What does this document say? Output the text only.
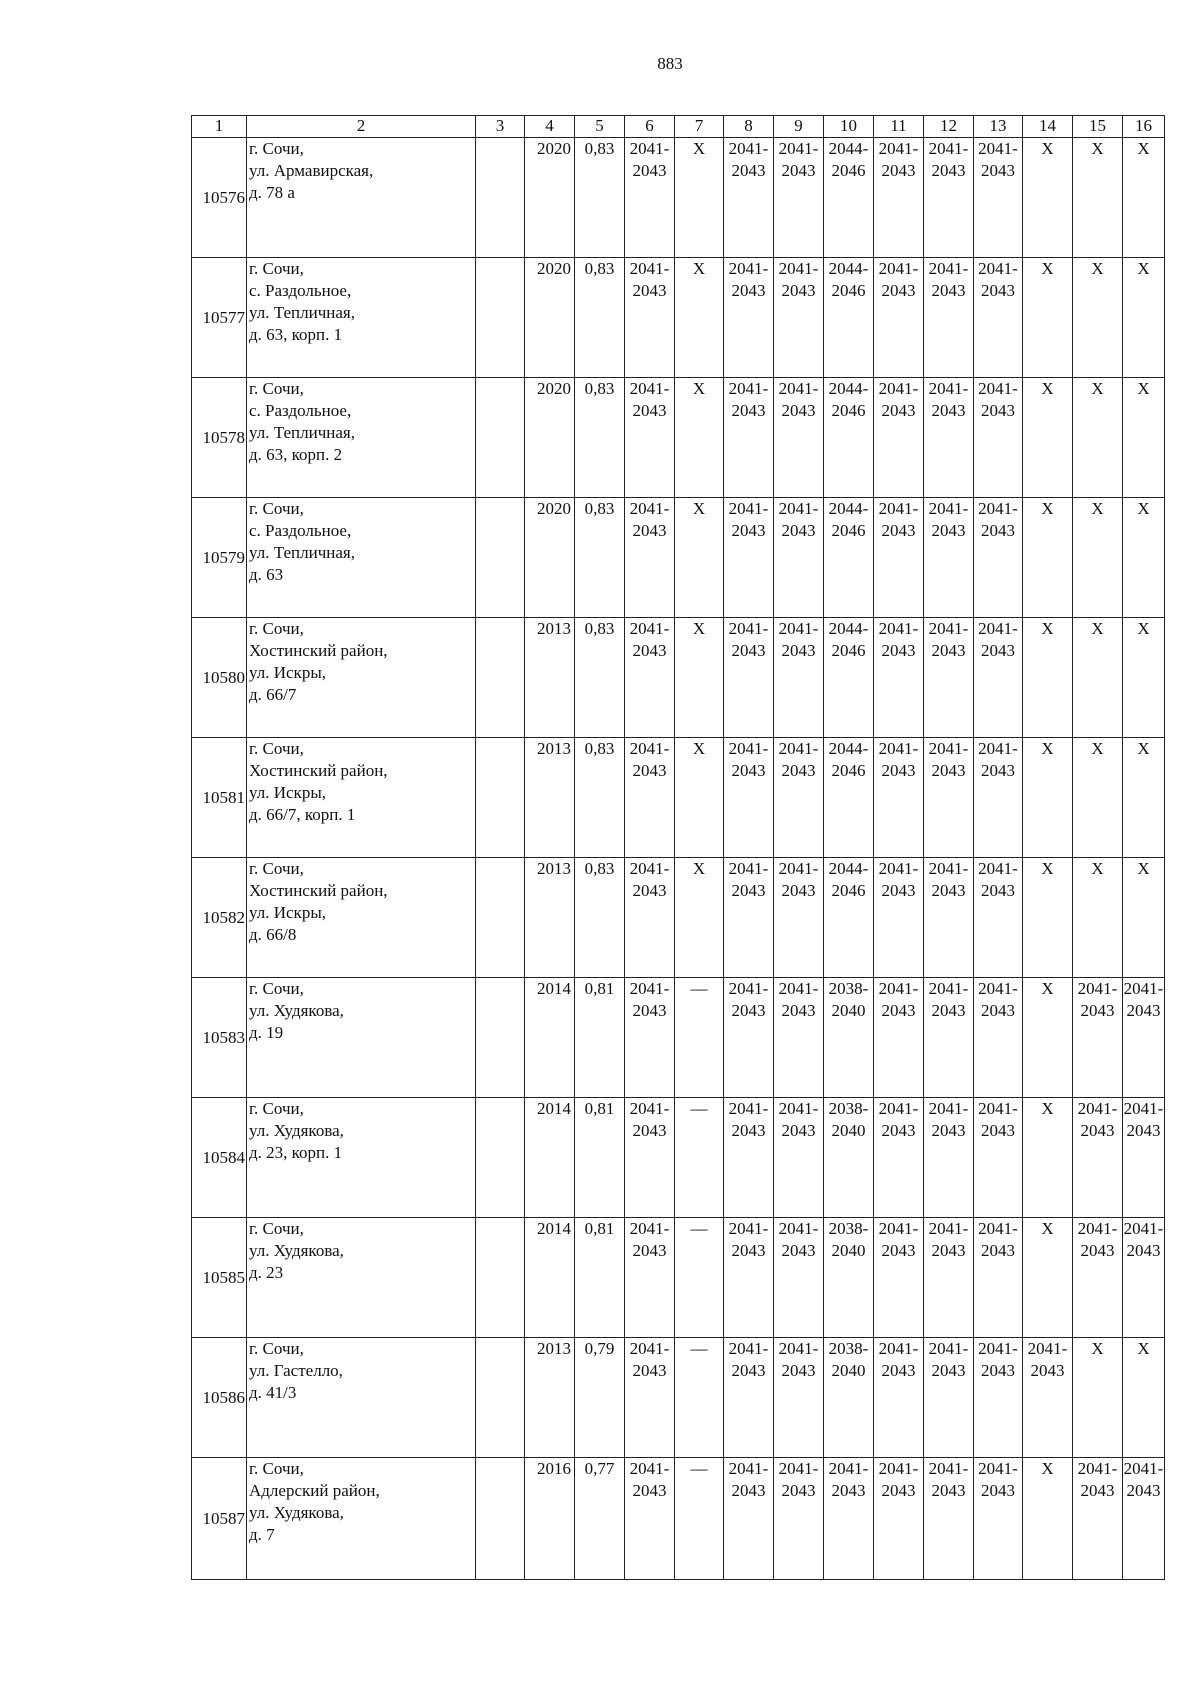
883
1	2	3	4	5	6	7	8	9	10	11	12	13	14	15	16
10576	г. Сочи,
ул. Армавирская,
д. 78 а		2020	0,83	2041-
2043	X	2041-
2043	2041-
2043	2044-
2046	2041-
2043	2041-
2043	2041-
2043	X	X	X
10577	г. Сочи,
с. Раздольное,
ул. Тепличная,
д. 63, корп. 1		2020	0,83	2041-
2043	X	2041-
2043	2041-
2043	2044-
2046	2041-
2043	2041-
2043	2041-
2043	X	X	X
10578	г. Сочи,
с. Раздольное,
ул. Тепличная,
д. 63, корп. 2		2020	0,83	2041-
2043	X	2041-
2043	2041-
2043	2044-
2046	2041-
2043	2041-
2043	2041-
2043	X	X	X
10579	г. Сочи,
с. Раздольное,
ул. Тепличная,
д. 63		2020	0,83	2041-
2043	X	2041-
2043	2041-
2043	2044-
2046	2041-
2043	2041-
2043	2041-
2043	X	X	X
10580	г. Сочи,
Хостинский район,
ул. Искры,
д. 66/7		2013	0,83	2041-
2043	X	2041-
2043	2041-
2043	2044-
2046	2041-
2043	2041-
2043	2041-
2043	X	X	X
10581	г. Сочи,
Хостинский район,
ул. Искры,
д. 66/7, корп. 1		2013	0,83	2041-
2043	X	2041-
2043	2041-
2043	2044-
2046	2041-
2043	2041-
2043	2041-
2043	X	X	X
10582	г. Сочи,
Хостинский район,
ул. Искры,
д. 66/8		2013	0,83	2041-
2043	X	2041-
2043	2041-
2043	2044-
2046	2041-
2043	2041-
2043	2041-
2043	X	X	X
10583	г. Сочи,
ул. Худякова,
д. 19		2014	0,81	2041-
2043	—	2041-
2043	2041-
2043	2038-
2040	2041-
2043	2041-
2043	2041-
2043	X	2041-
2043	2041-
2043

10584	г. Сочи,
ул. Худякова,
д. 23, корп. 1		2014	0,81	2041-
2043	—	2041-
2043	2041-
2043	2038-
2040	2041-
2043	2041-
2043	2041-
2043	X	2041-
2043	2041-
2043

10585	г. Сочи,
ул. Худякова,
д. 23		2014	0,81	2041-
2043	—	2041-
2043	2041-
2043	2038-
2040	2041-
2043	2041-
2043	2041-
2043	X	2041-
2043	2041-
2043

10586	г. Сочи,
ул. Гастелло,
д. 41/3		2013	0,79	2041-
2043	—	2041-
2043	2041-
2043	2038-
2040	2041-
2043	2041-
2043	2041-
2043	2041-
2043	X	X
10587	г. Сочи,
Адлерский район,
ул. Худякова,
д. 7		2016	0,77	2041-
2043	—	2041-
2043	2041-
2043	2041-
2043	2041-
2043	2041-
2043	2041-
2043	X	2041-
2043	2041-
2043
